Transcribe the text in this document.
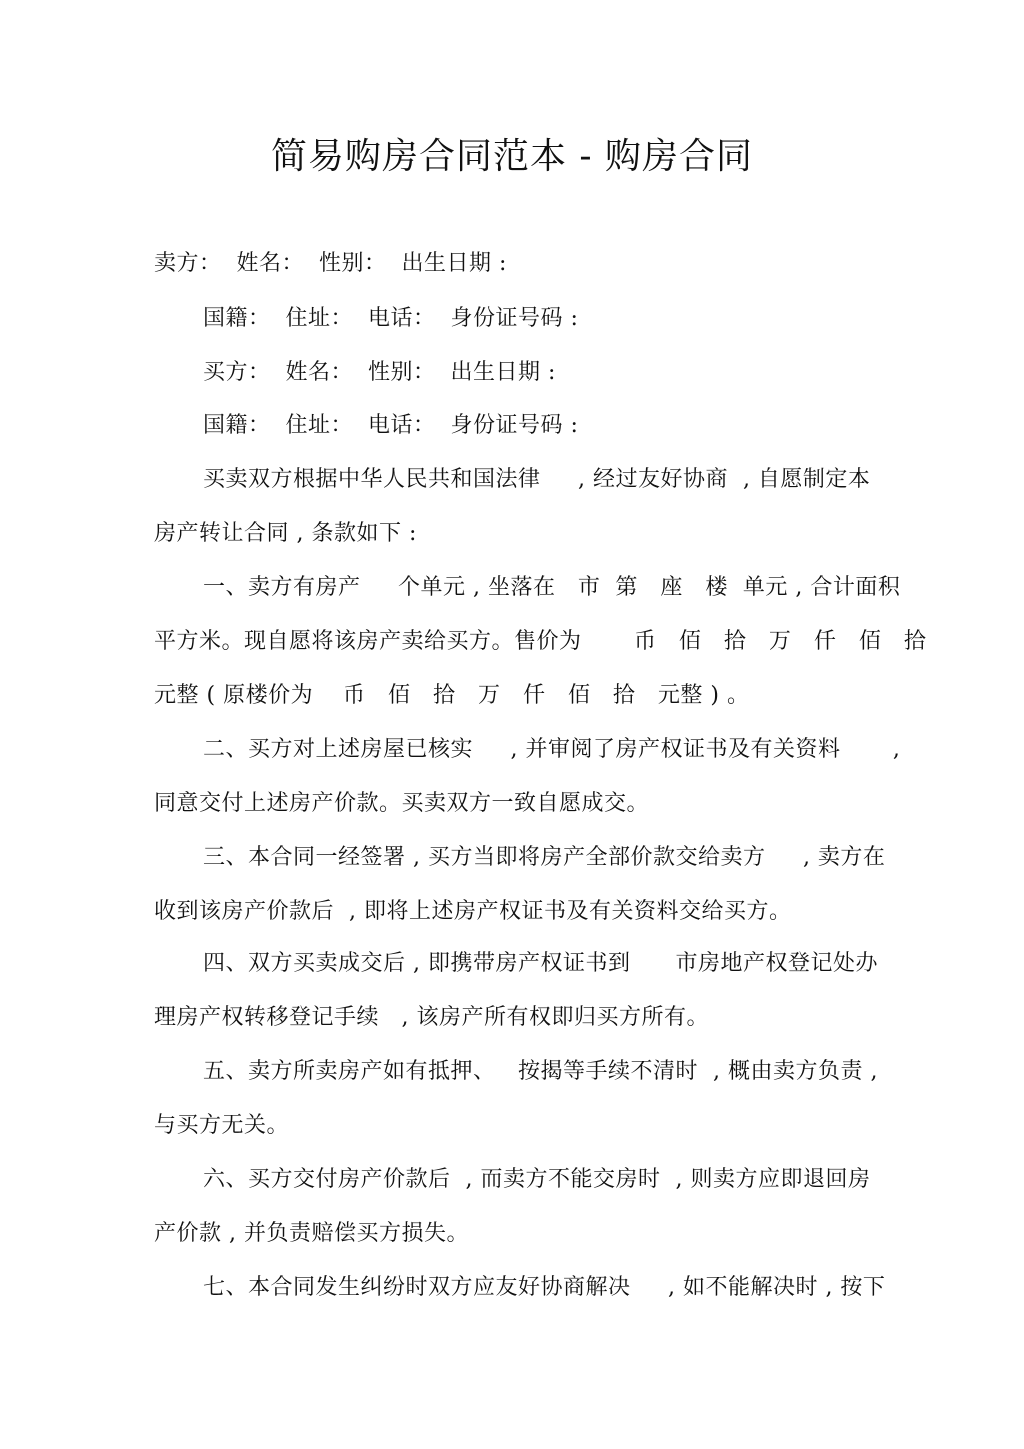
简易购房合同范本 - 购房合同
卖方：  姓名：  性别：  出生日期 :
国籍：  住址：  电话：  身份证号码 :
买方：  姓名：  性别：  出生日期 :
国籍：  住址：  电话：  身份证号码 :
买卖双方根据中华人民共和国法律     , 经过友好协商  , 自愿制定本
房产转让合同 , 条款如下 :
一、卖方有房产     个单元 , 坐落在   市  第   座   楼  单元 , 合计面积
平方米。现自愿将该房产卖给买方。售价为       币   佰   拾   万   仟   佰   拾
元整 ( 原楼价为    币   佰   拾   万   仟   佰   拾   元整 ) 。
二、买方对上述房屋已核实     , 并审阅了房产权证书及有关资料       ,
同意交付上述房产价款。买卖双方一致自愿成交。
三、本合同一经签署 , 买方当即将房产全部价款交给卖方     , 卖方在
收到该房产价款后  , 即将上述房产权证书及有关资料交给买方。
四、双方买卖成交后 , 即携带房产权证书到      市房地产权登记处办
理房产权转移登记手续   , 该房产所有权即归买方所有。
五、卖方所卖房产如有抵押、   按揭等手续不清时  , 概由卖方负责 ,
与买方无关。
六、买方交付房产价款后  , 而卖方不能交房时  , 则卖方应即退回房
产价款 , 并负责赔偿买方损失。
七、本合同发生纠纷时双方应友好协商解决     , 如不能解决时 , 按下
